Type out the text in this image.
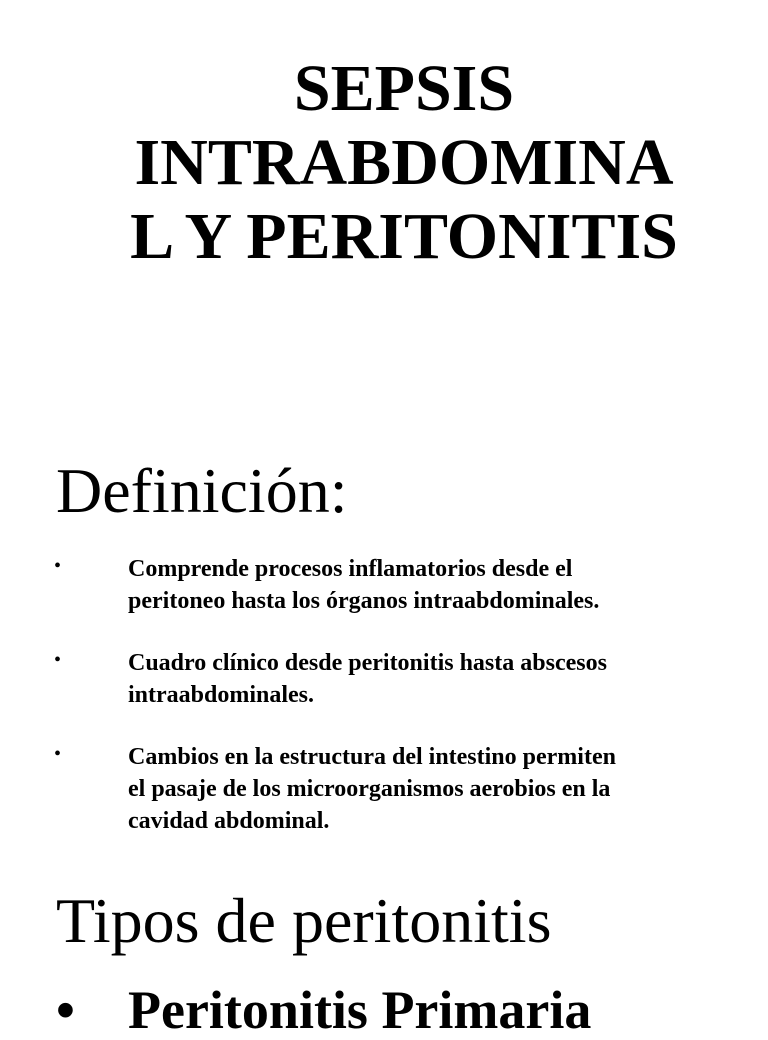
SEPSIS
INTRABDOMINA
L Y PERITONITIS
Definición:
•	Comprende procesos inflamatorios desde el
peritoneo hasta los órganos intraabdominales.
•	Cuadro clínico desde peritonitis hasta abscesos
intraabdominales.
•	Cambios en la estructura del intestino permiten
el pasaje de los microorganismos aerobios en la
cavidad abdominal.
Tipos de peritonitis
• Peritonitis Primaria
